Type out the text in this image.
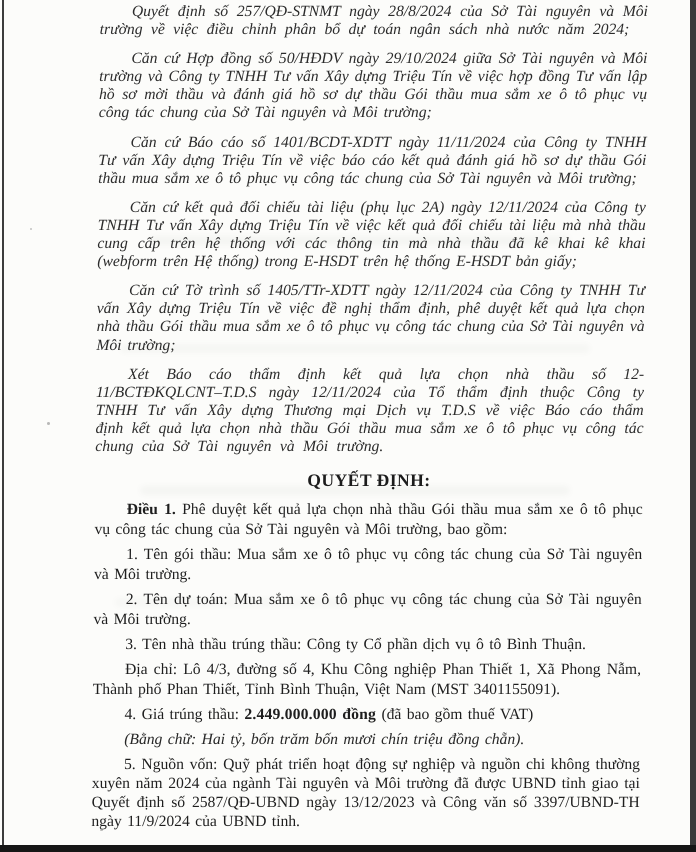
Quyết định số 257/QĐ-STNMT ngày 28/8/2024 của Sở Tài nguyên và Môi trường về việc điều chỉnh phân bổ dự toán ngân sách nhà nước năm 2024;

Căn cứ Hợp đồng số 50/HĐDV ngày 29/10/2024 giữa Sở Tài nguyên và Môi trường và Công ty TNHH Tư vấn Xây dựng Triệu Tín về việc hợp đồng Tư vấn lập hồ sơ mời thầu và đánh giá hồ sơ dự thầu Gói thầu mua sắm xe ô tô phục vụ công tác chung của Sở Tài nguyên và Môi trường;

Căn cứ Báo cáo số 1401/BCDT-XDTT ngày 11/11/2024 của Công ty TNHH Tư vấn Xây dựng Triệu Tín về việc báo cáo kết quả đánh giá hồ sơ dự thầu Gói thầu mua sắm xe ô tô phục vụ công tác chung của Sở Tài nguyên và Môi trường;

Căn cứ kết quả đối chiếu tài liệu (phụ lục 2A) ngày 12/11/2024 của Công ty TNHH Tư vấn Xây dựng Triệu Tín về việc kết quả đối chiếu tài liệu mà nhà thầu cung cấp trên hệ thống với các thông tin mà nhà thầu đã kê khai kê khai (webform trên Hệ thống) trong E-HSDT trên hệ thống E-HSDT bản giấy;

Căn cứ Tờ trình số 1405/TTr-XDTT ngày 12/11/2024 của Công ty TNHH Tư vấn Xây dựng Triệu Tín về việc đề nghị thẩm định, phê duyệt kết quả lựa chọn nhà thầu Gói thầu mua sắm xe ô tô phục vụ công tác chung của Sở Tài nguyên và Môi trường;

Xét Báo cáo thẩm định kết quả lựa chọn nhà thầu số 12-11/BCTĐKQLCNT–T.D.S ngày 12/11/2024 của Tổ thẩm định thuộc Công ty TNHH Tư vấn Xây dựng Thương mại Dịch vụ T.D.S về việc Báo cáo thẩm định kết quả lựa chọn nhà thầu Gói thầu mua sắm xe ô tô phục vụ công tác chung của Sở Tài nguyên và Môi trường.

QUYẾT ĐỊNH:

Điều 1. Phê duyệt kết quả lựa chọn nhà thầu Gói thầu mua sắm xe ô tô phục vụ công tác chung của Sở Tài nguyên và Môi trường, bao gồm:

1. Tên gói thầu: Mua sắm xe ô tô phục vụ công tác chung của Sở Tài nguyên và Môi trường.

2. Tên dự toán: Mua sắm xe ô tô phục vụ công tác chung của Sở Tài nguyên và Môi trường.

3. Tên nhà thầu trúng thầu: Công ty Cổ phần dịch vụ ô tô Bình Thuận.

Địa chỉ: Lô 4/3, đường số 4, Khu Công nghiệp Phan Thiết 1, Xã Phong Nẫm, Thành phố Phan Thiết, Tỉnh Bình Thuận, Việt Nam (MST 3401155091).

4. Giá trúng thầu: 2.449.000.000 đồng (đã bao gồm thuế VAT)

(Bằng chữ: Hai tỷ, bốn trăm bốn mươi chín triệu đồng chẵn).

5. Nguồn vốn: Quỹ phát triển hoạt động sự nghiệp và nguồn chi không thường xuyên năm 2024 của ngành Tài nguyên và Môi trường đã được UBND tỉnh giao tại Quyết định số 2587/QĐ-UBND ngày 13/12/2023 và Công văn số 3397/UBND-TH ngày 11/9/2024 của UBND tỉnh.
